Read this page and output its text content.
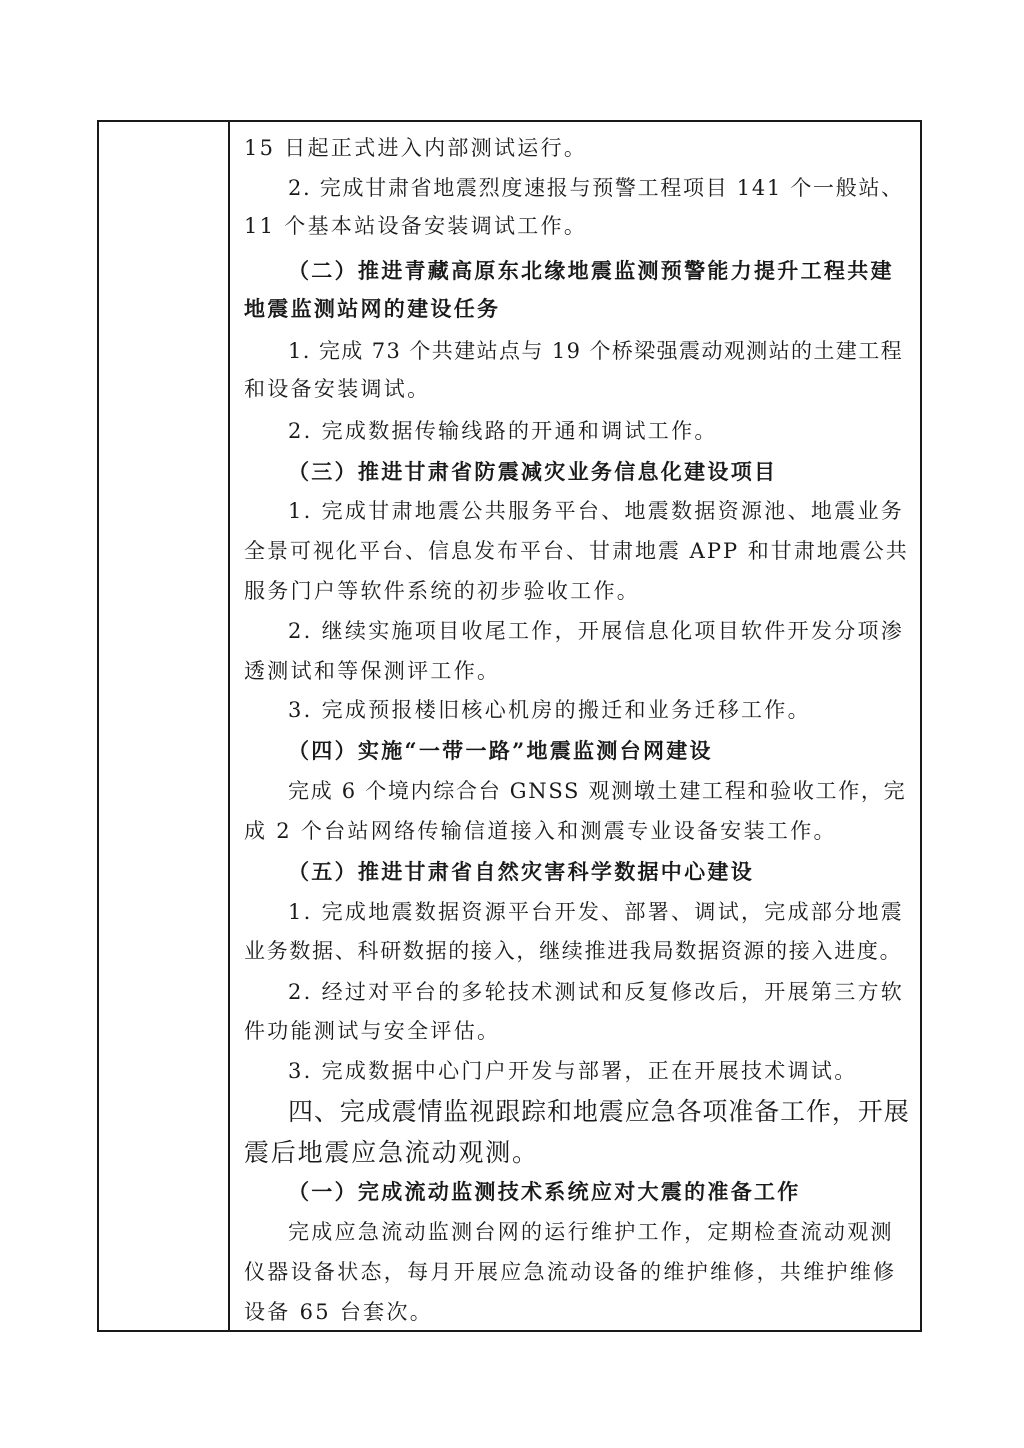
15 日起正式进入内部测试运行。
2. 完成甘肃省地震烈度速报与预警工程项目 141 个一般站、
11 个基本站设备安装调试工作。
（二）推进青藏高原东北缘地震监测预警能力提升工程共建
地震监测站网的建设任务
1. 完成 73 个共建站点与 19 个桥梁强震动观测站的土建工程
和设备安装调试。
2. 完成数据传输线路的开通和调试工作。
（三）推进甘肃省防震减灾业务信息化建设项目
1. 完成甘肃地震公共服务平台、地震数据资源池、地震业务
全景可视化平台、信息发布平台、甘肃地震 APP 和甘肃地震公共
服务门户等软件系统的初步验收工作。
2. 继续实施项目收尾工作，开展信息化项目软件开发分项渗
透测试和等保测评工作。
3. 完成预报楼旧核心机房的搬迁和业务迁移工作。
（四）实施“一带一路”地震监测台网建设
完成 6 个境内综合台 GNSS 观测墩土建工程和验收工作，完
成 2 个台站网络传输信道接入和测震专业设备安装工作。
（五）推进甘肃省自然灾害科学数据中心建设
1. 完成地震数据资源平台开发、部署、调试，完成部分地震
业务数据、科研数据的接入，继续推进我局数据资源的接入进度。
2. 经过对平台的多轮技术测试和反复修改后，开展第三方软
件功能测试与安全评估。
3. 完成数据中心门户开发与部署，正在开展技术调试。
四、完成震情监视跟踪和地震应急各项准备工作，开展
震后地震应急流动观测。
（一）完成流动监测技术系统应对大震的准备工作
完成应急流动监测台网的运行维护工作，定期检查流动观测
仪器设备状态，每月开展应急流动设备的维护维修，共维护维修
设备 65 台套次。
